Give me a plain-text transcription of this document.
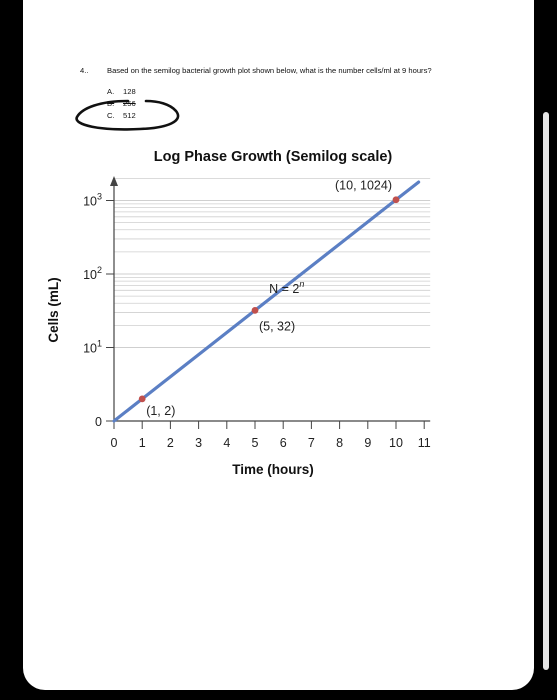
4.. Based on the semilog bacterial growth plot shown below, what is the number cells/ml at 9 hours?
A. 128
B. 256
C. 512
Log Phase Growth (Semilog scale)
0 1 2 3 4 5 6 7 8 9 10 11
0
$10^1$
$10^2$
$10^3$
(1, 2)
(5, 32)
(10, 1024)
$N = 2^n$
Time (hours)
Cells (mL)
